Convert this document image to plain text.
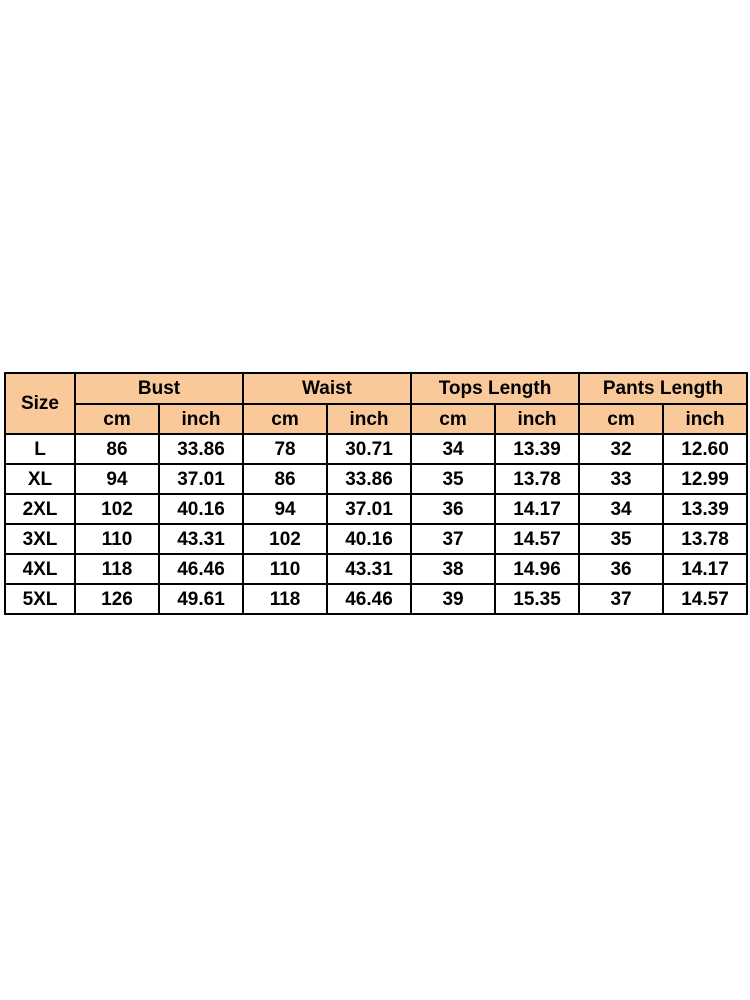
Size	Bust		Waist		Tops Length		Pants Length	
	cm	inch	cm	inch	cm	inch	cm	inch
L	86	33.86	78	30.71	34	13.39	32	12.60
XL	94	37.01	86	33.86	35	13.78	33	12.99
2XL	102	40.16	94	37.01	36	14.17	34	13.39
3XL	110	43.31	102	40.16	37	14.57	35	13.78
4XL	118	46.46	110	43.31	38	14.96	36	14.17
5XL	126	49.61	118	46.46	39	15.35	37	14.57
